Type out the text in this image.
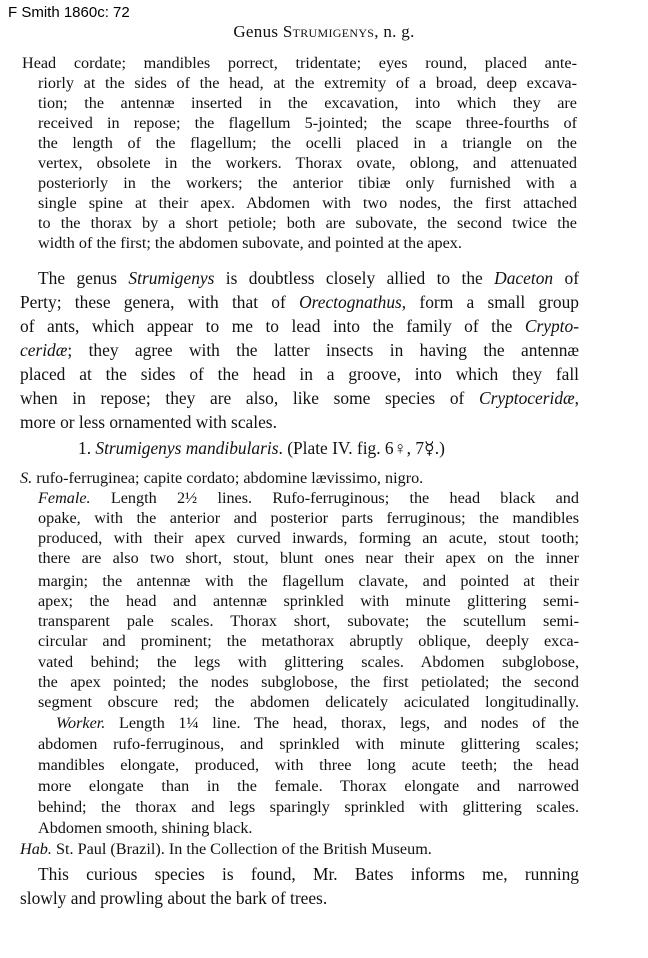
F Smith 1860c: 72
Genus Strumigenys, n. g.
Head cordate; mandibles porrect, tridentate; eyes round, placed ante-
riorly at the sides of the head, at the extremity of a broad, deep excava-
tion; the antennæ inserted in the excavation, into which they are
received in repose; the flagellum 5-jointed; the scape three-fourths of
the length of the flagellum; the ocelli placed in a triangle on the
vertex, obsolete in the workers. Thorax ovate, oblong, and attenuated
posteriorly in the workers; the anterior tibiæ only furnished with a
single spine at their apex. Abdomen with two nodes, the first attached
to the thorax by a short petiole; both are subovate, the second twice the
width of the first; the abdomen subovate, and pointed at the apex.
The genus Strumigenys is doubtless closely allied to the Daceton of
Perty; these genera, with that of Orectognathus, form a small group
of ants, which appear to me to lead into the family of the Crypto-
ceridæ; they agree with the latter insects in having the antennæ
placed at the sides of the head in a groove, into which they fall
when in repose; they are also, like some species of Cryptoceridæ,
more or less ornamented with scales.
1. Strumigenys mandibularis. (Plate IV. fig. 6♀, 7☿.)
S. rufo-ferruginea; capite cordato; abdomine lævissimo, nigro.
Female. Length 2½ lines. Rufo-ferruginous; the head black and
opake, with the anterior and posterior parts ferruginous; the mandibles
produced, with their apex curved inwards, forming an acute, stout tooth;
there are also two short, stout, blunt ones near their apex on the inner
margin; the antennæ with the flagellum clavate, and pointed at their
apex; the head and antennæ sprinkled with minute glittering semi-
transparent pale scales. Thorax short, subovate; the scutellum semi-
circular and prominent; the metathorax abruptly oblique, deeply exca-
vated behind; the legs with glittering scales. Abdomen subglobose,
the apex pointed; the nodes subglobose, the first petiolated; the second
segment obscure red; the abdomen delicately aciculated longitudinally.
Worker. Length 1¼ line. The head, thorax, legs, and nodes of the
abdomen rufo-ferruginous, and sprinkled with minute glittering scales;
mandibles elongate, produced, with three long acute teeth; the head
more elongate than in the female. Thorax elongate and narrowed
behind; the thorax and legs sparingly sprinkled with glittering scales.
Abdomen smooth, shining black.
Hab. St. Paul (Brazil). In the Collection of the British Museum.
This curious species is found, Mr. Bates informs me, running
slowly and prowling about the bark of trees.
